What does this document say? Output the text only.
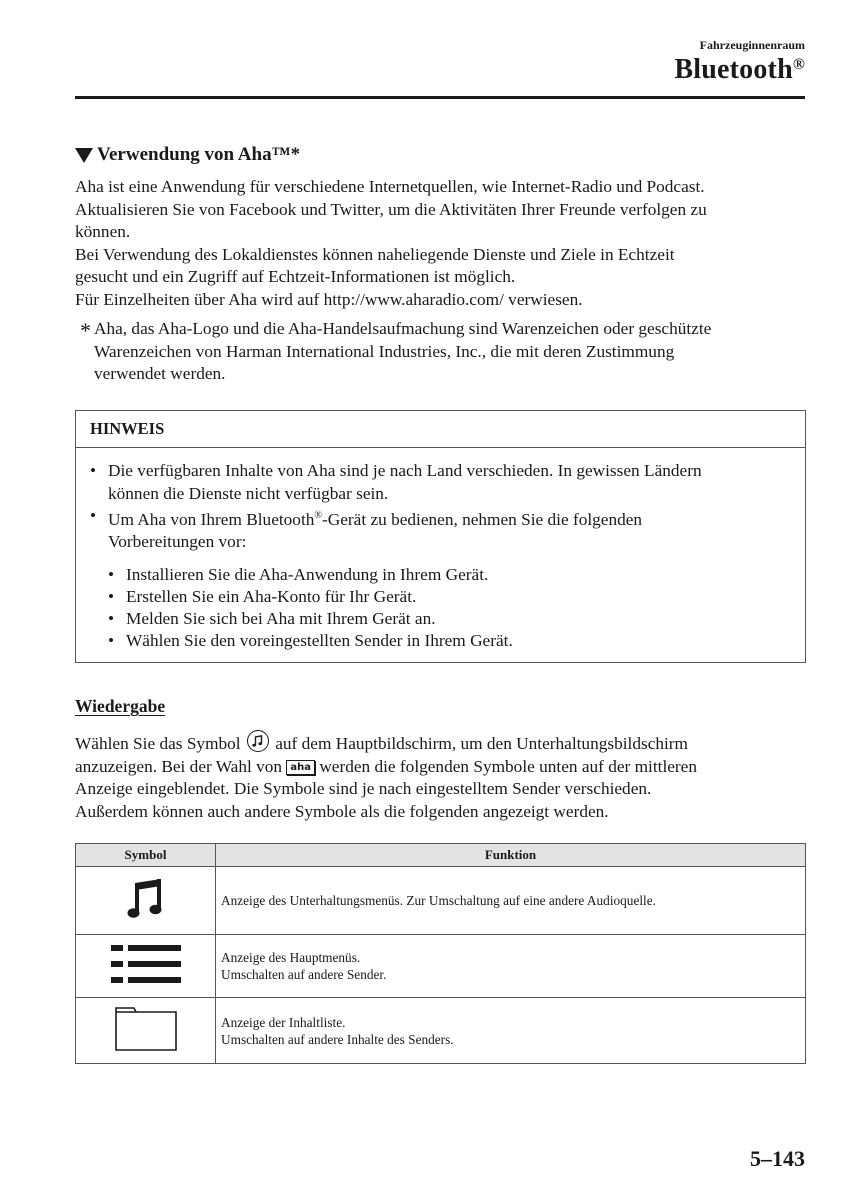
Fahrzeuginnenraum
Bluetooth®
Verwendung von Aha™*
Aha ist eine Anwendung für verschiedene Internetquellen, wie Internet-Radio und Podcast.
Aktualisieren Sie von Facebook und Twitter, um die Aktivitäten Ihrer Freunde verfolgen zu
können.
Bei Verwendung des Lokaldienstes können naheliegende Dienste und Ziele in Echtzeit
gesucht und ein Zugriff auf Echtzeit-Informationen ist möglich.
Für Einzelheiten über Aha wird auf http://www.aharadio.com/ verwiesen.
* Aha, das Aha-Logo und die Aha-Handelsaufmachung sind Warenzeichen oder geschützte
Warenzeichen von Harman International Industries, Inc., die mit deren Zustimmung
verwendet werden.
HINWEIS
• Die verfügbaren Inhalte von Aha sind je nach Land verschieden. In gewissen Ländern
können die Dienste nicht verfügbar sein.
• Um Aha von Ihrem Bluetooth®-Gerät zu bedienen, nehmen Sie die folgenden
Vorbereitungen vor:
• Installieren Sie die Aha-Anwendung in Ihrem Gerät.
• Erstellen Sie ein Aha-Konto für Ihr Gerät.
• Melden Sie sich bei Aha mit Ihrem Gerät an.
• Wählen Sie den voreingestellten Sender in Ihrem Gerät.
Wiedergabe
Wählen Sie das Symbol auf dem Hauptbildschirm, um den Unterhaltungsbildschirm
anzuzeigen. Bei der Wahl von aha werden die folgenden Symbole unten auf der mittleren
Anzeige eingeblendet. Die Symbole sind je nach eingestelltem Sender verschieden.
Außerdem können auch andere Symbole als die folgenden angezeigt werden.
Symbol	Funktion

Anzeige des Unterhaltungsmenüs. Zur Umschaltung auf eine andere Audioquelle.

Anzeige des Hauptmenüs.
Umschalten auf andere Sender.

Anzeige der Inhaltliste.
Umschalten auf andere Inhalte des Senders.
5–143
